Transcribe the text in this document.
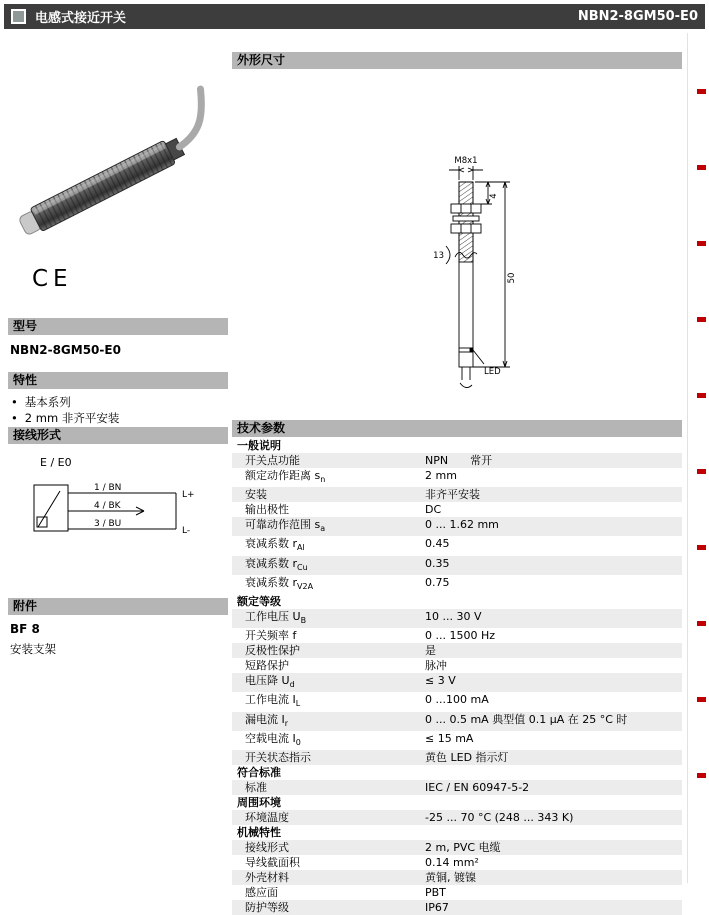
电感式接近开关	NBN2-8GM50-E0
CE
型号
NBN2-8GM50-E0
特性
• 基本系列
• 2 mm 非齐平安装
接线形式
E / E0
1 / BN
4 / BK
3 / BU
L+
L-
附件
BF 8
安装支架
外形尺寸
M8x1
4
13
50
LED
技术参数
一般说明
开关点功能	NPN 常开
额定动作距离 $s_n$	2 mm
安装	非齐平安装
输出极性	DC
可靠动作范围 $s_a$	0 ... 1.62 mm
衰减系数 $r_{Al}$	0.45
衰减系数 $r_{Cu}$	0.35
衰减系数 $r_{V2A}$	0.75
额定等级
工作电压 $U_B$	10 ... 30 V
开关频率 f	0 ... 1500 Hz
反极性保护	是
短路保护	脉冲
电压降 $U_d$	≤ 3 V
工作电流 $I_L$	0 ...100 mA
漏电流 $I_r$	0 ... 0.5 mA 典型值 0.1 μA 在 25 °C 时
空载电流 $I_0$	≤ 15 mA
开关状态指示	黄色 LED 指示灯
符合标准
标准	IEC / EN 60947-5-2
周围环境
环境温度	-25 ... 70 °C (248 ... 343 K)
机械特性
接线形式	2 m, PVC 电缆
导线截面积	0.14 mm²
外壳材料	黄铜, 镀镍
感应面	PBT
防护等级	IP67
